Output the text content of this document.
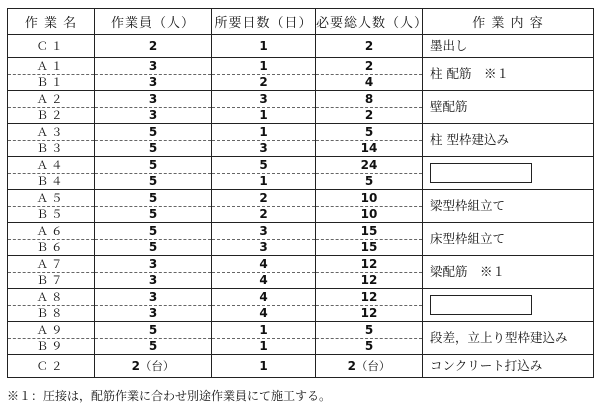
作 業 名	作業員（人）	所要日数（日）	必要総人数（人）	作 業 内 容
Ｃ１	2	1	2	墨出し
Ａ１	3	1	2	柱 配筋　※１
Ｂ１	3	2	4	
Ａ２	3	3	8	壁配筋
Ｂ２	3	1	2	
Ａ３	5	1	5	柱 型枠建込み
Ｂ３	5	3	14	
Ａ４	5	5	24	
Ｂ４	5	1	5	
Ａ５	5	2	10	梁型枠組立て
Ｂ５	5	2	10	
Ａ６	5	3	15	床型枠組立て
Ｂ６	5	3	15	
Ａ７	3	4	12	梁配筋　※１
Ｂ７	3	4	12	
Ａ８	3	4	12	
Ｂ８	3	4	12	
Ａ９	5	1	5	段差，立上り型枠建込み
Ｂ９	5	1	5	
Ｃ２	2（台）	1	2（台）	コンクリート打込み
※１：圧接は，配筋作業に合わせ別途作業員にて施工する。
